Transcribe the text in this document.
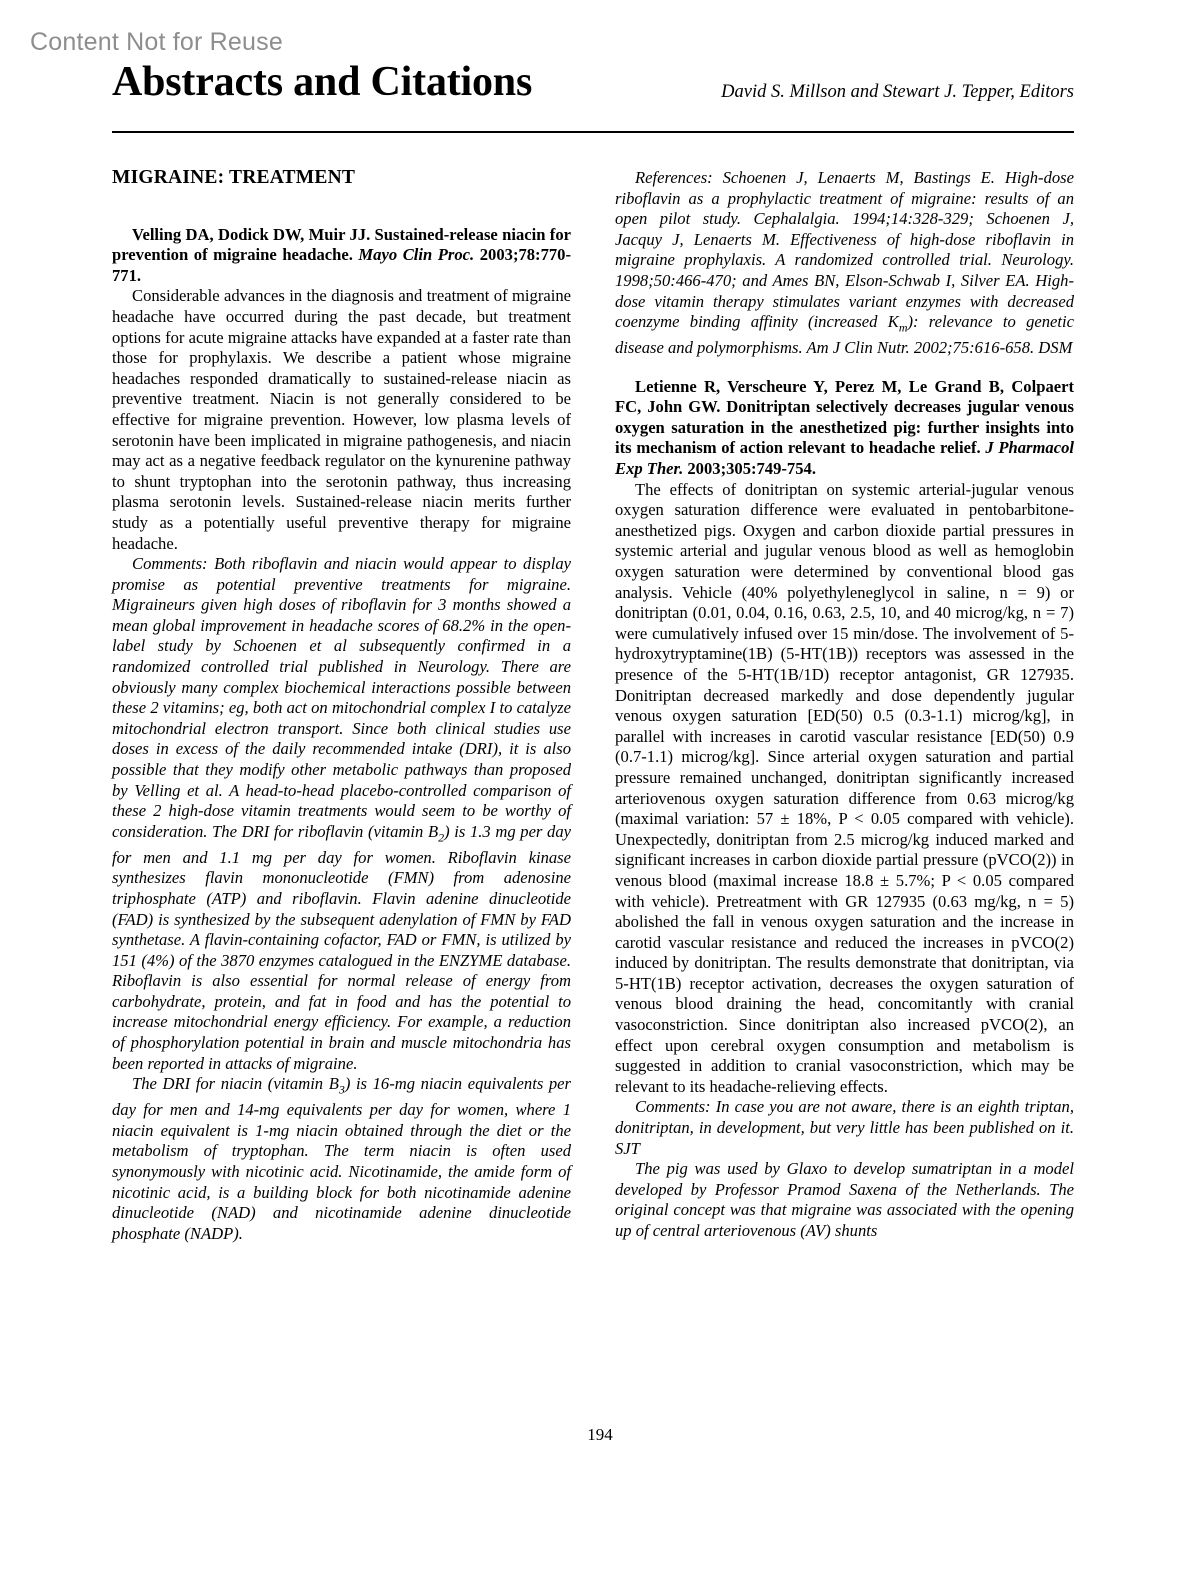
Content Not for Reuse
Abstracts and Citations	David S. Millson and Stewart J. Tepper, Editors
MIGRAINE: TREATMENT

Velling DA, Dodick DW, Muir JJ. Sustained-release niacin for prevention of migraine headache. Mayo Clin Proc. 2003;78:770-771.

Considerable advances in the diagnosis and treatment of migraine headache have occurred during the past decade, but treatment options for acute migraine attacks have expanded at a faster rate than those for prophylaxis. We describe a patient whose migraine headaches responded dramatically to sustained-release niacin as preventive treatment. Niacin is not generally considered to be effective for migraine prevention. However, low plasma levels of serotonin have been implicated in migraine pathogenesis, and niacin may act as a negative feedback regulator on the kynurenine pathway to shunt tryptophan into the serotonin pathway, thus increasing plasma serotonin levels. Sustained-release niacin merits further study as a potentially useful preventive therapy for migraine headache.

Comments: Both riboflavin and niacin would appear to display promise as potential preventive treatments for migraine. Migraineurs given high doses of riboflavin for 3 months showed a mean global improvement in headache scores of 68.2% in the open-label study by Schoenen et al subsequently confirmed in a randomized controlled trial published in Neurology. There are obviously many complex biochemical interactions possible between these 2 vitamins; eg, both act on mitochondrial complex I to catalyze mitochondrial electron transport. Since both clinical studies use doses in excess of the daily recommended intake (DRI), it is also possible that they modify other metabolic pathways than proposed by Velling et al. A head-to-head placebo-controlled comparison of these 2 high-dose vitamin treatments would seem to be worthy of consideration. The DRI for riboflavin (vitamin $B_2$) is 1.3 mg per day for men and 1.1 mg per day for women. Riboflavin kinase synthesizes flavin mononucleotide (FMN) from adenosine triphosphate (ATP) and riboflavin. Flavin adenine dinucleotide (FAD) is synthesized by the subsequent adenylation of FMN by FAD synthetase. A flavin-containing cofactor, FAD or FMN, is utilized by 151 (4%) of the 3870 enzymes catalogued in the ENZYME database. Riboflavin is also essential for normal release of energy from carbohydrate, protein, and fat in food and has the potential to increase mitochondrial energy efficiency. For example, a reduction of phosphorylation potential in brain and muscle mitochondria has been reported in attacks of migraine.

The DRI for niacin (vitamin $B_3$) is 16-mg niacin equivalents per day for men and 14-mg equivalents per day for women, where 1 niacin equivalent is 1-mg niacin obtained through the diet or the metabolism of tryptophan. The term niacin is often used synonymously with nicotinic acid. Nicotinamide, the amide form of nicotinic acid, is a building block for both nicotinamide adenine dinucleotide (NAD) and nicotinamide adenine dinucleotide phosphate (NADP).

References: Schoenen J, Lenaerts M, Bastings E. High-dose riboflavin as a prophylactic treatment of migraine: results of an open pilot study. Cephalalgia. 1994;14:328-329; Schoenen J, Jacquy J, Lenaerts M. Effectiveness of high-dose riboflavin in migraine prophylaxis. A randomized controlled trial. Neurology. 1998;50:466-470; and Ames BN, Elson-Schwab I, Silver EA. High-dose vitamin therapy stimulates variant enzymes with decreased coenzyme binding affinity (increased $K_m$): relevance to genetic disease and polymorphisms. Am J Clin Nutr. 2002;75:616-658. DSM

Letienne R, Verscheure Y, Perez M, Le Grand B, Colpaert FC, John GW. Donitriptan selectively decreases jugular venous oxygen saturation in the anesthetized pig: further insights into its mechanism of action relevant to headache relief. J Pharmacol Exp Ther. 2003;305:749-754.

The effects of donitriptan on systemic arterial-jugular venous oxygen saturation difference were evaluated in pentobarbitone-anesthetized pigs. Oxygen and carbon dioxide partial pressures in systemic arterial and jugular venous blood as well as hemoglobin oxygen saturation were determined by conventional blood gas analysis. Vehicle (40% polyethyleneglycol in saline, n = 9) or donitriptan (0.01, 0.04, 0.16, 0.63, 2.5, 10, and 40 microg/kg, n = 7) were cumulatively infused over 15 min/dose. The involvement of 5-hydroxytryptamine(1B) (5-HT(1B)) receptors was assessed in the presence of the 5-HT(1B/1D) receptor antagonist, GR 127935. Donitriptan decreased markedly and dose dependently jugular venous oxygen saturation [ED(50) 0.5 (0.3-1.1) microg/kg], in parallel with increases in carotid vascular resistance [ED(50) 0.9 (0.7-1.1) microg/kg]. Since arterial oxygen saturation and partial pressure remained unchanged, donitriptan significantly increased arteriovenous oxygen saturation difference from 0.63 microg/kg (maximal variation: 57 ± 18%, P < 0.05 compared with vehicle). Unexpectedly, donitriptan from 2.5 microg/kg induced marked and significant increases in carbon dioxide partial pressure (pVCO(2)) in venous blood (maximal increase 18.8 ± 5.7%; P < 0.05 compared with vehicle). Pretreatment with GR 127935 (0.63 mg/kg, n = 5) abolished the fall in venous oxygen saturation and the increase in carotid vascular resistance and reduced the increases in pVCO(2) induced by donitriptan. The results demonstrate that donitriptan, via 5-HT(1B) receptor activation, decreases the oxygen saturation of venous blood draining the head, concomitantly with cranial vasoconstriction. Since donitriptan also increased pVCO(2), an effect upon cerebral oxygen consumption and metabolism is suggested in addition to cranial vasoconstriction, which may be relevant to its headache-relieving effects.

Comments: In case you are not aware, there is an eighth triptan, donitriptan, in development, but very little has been published on it. SJT

The pig was used by Glaxo to develop sumatriptan in a model developed by Professor Pramod Saxena of the Netherlands. The original concept was that migraine was associated with the opening up of central arteriovenous (AV) shunts

194
